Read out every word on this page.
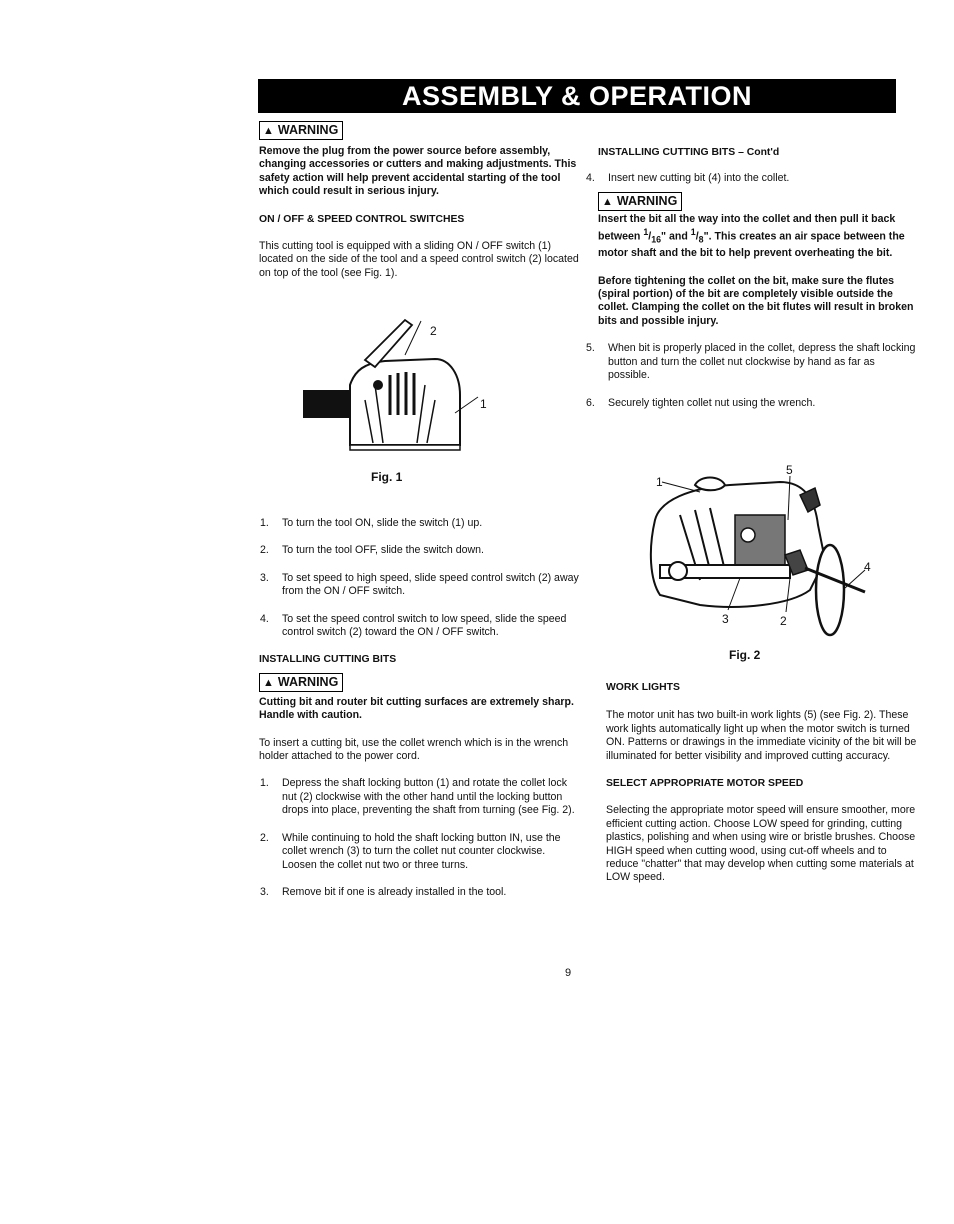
ASSEMBLY & OPERATION
▲ WARNING

Remove the plug from the power source before assembly, changing accessories or cutters and making adjustments. This safety action will help prevent accidental starting of the tool which could result in serious injury.

ON / OFF & SPEED CONTROL SWITCHES

This cutting tool is equipped with a sliding ON / OFF switch (1) located on the side of the tool and a speed control switch (2) located on top of the tool (see Fig. 1).

2
1
Fig. 1
1. To turn the tool ON, slide the switch (1) up.
2. To turn the tool OFF, slide the switch down.
3. To set speed to high speed, slide speed control switch (2) away from the ON / OFF switch.
4. To set the speed control switch to low speed, slide the speed control switch (2) toward the ON / OFF switch.

INSTALLING CUTTING BITS

▲ WARNING

Cutting bit and router bit cutting surfaces are extremely sharp. Handle with caution.

To insert a cutting bit, use the collet wrench which is in the wrench holder attached to the power cord.

1. Depress the shaft locking button (1) and rotate the collet lock nut (2) clockwise with the other hand until the locking button drops into place, preventing the shaft from turning (see Fig. 2).
2. While continuing to hold the shaft locking button IN, use the collet wrench (3) to turn the collet nut counter clockwise. Loosen the collet nut two or three turns.
3. Remove bit if one is already installed in the tool.

INSTALLING CUTTING BITS – Cont'd

4. Insert new cutting bit (4) into the collet.
▲ WARNING

Insert the bit all the way into the collet and then pull it back between $^1/_{16}$" and $^1/_8$". This creates an air space between the motor shaft and the bit to help prevent overheating the bit.

Before tightening the collet on the bit, make sure the flutes (spiral portion) of the bit are completely visible outside the collet. Clamping the collet on the bit flutes will result in broken bits and possible injury.

5.	When bit is properly placed in the collet, depress the shaft locking button and turn the collet nut clockwise by hand as far as possible.
6.	Securely tighten collet nut using the wrench.
1
5
4
3	2
Fig. 2

WORK LIGHTS

The motor unit has two built-in work lights (5) (see Fig. 2). These work lights automatically light up when the motor switch is turned ON. Patterns or drawings in the immediate vicinity of the bit will be illuminated for better visibility and improved cutting accuracy.

SELECT APPROPRIATE MOTOR SPEED

Selecting the appropriate motor speed will ensure smoother, more efficient cutting action. Choose LOW speed for grinding, cutting plastics, polishing and when using wire or bristle brushes. Choose HIGH speed when cutting wood, using cut-off wheels and to reduce "chatter" that may develop when cutting some materials at LOW speed.

9
